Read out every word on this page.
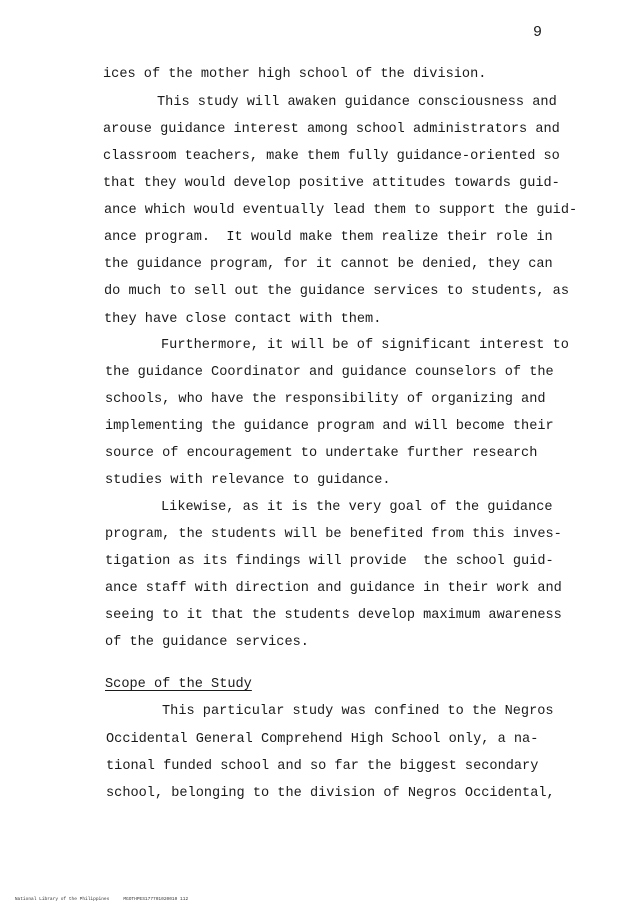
9
ices of the mother high school of the division.
This study will awaken guidance consciousness and
arouse guidance interest among school administrators and
classroom teachers, make them fully guidance-oriented so
that they would develop positive attitudes towards guid-
ance which would eventually lead them to support the guid-
ance program.  It would make them realize their role in
the guidance program, for it cannot be denied, they can
do much to sell out the guidance services to students, as
they have close contact with them.
Furthermore, it will be of significant interest to
the guidance Coordinator and guidance counselors of the
schools, who have the responsibility of organizing and
implementing the guidance program and will become their
source of encouragement to undertake further research
studies with relevance to guidance.
Likewise, as it is the very goal of the guidance
program, the students will be benefited from this inves-
tigation as its findings will provide  the school guid-
ance staff with direction and guidance in their work and
seeing to it that the students develop maximum awareness
of the guidance services.
Scope of the Study
This particular study was confined to the Negros
Occidental General Comprehend High School only, a na-
tional funded school and so far the biggest secondary
school, belonging to the division of Negros Occidental,

National Library of the Philippines	MGOTHPES177701020010 112
